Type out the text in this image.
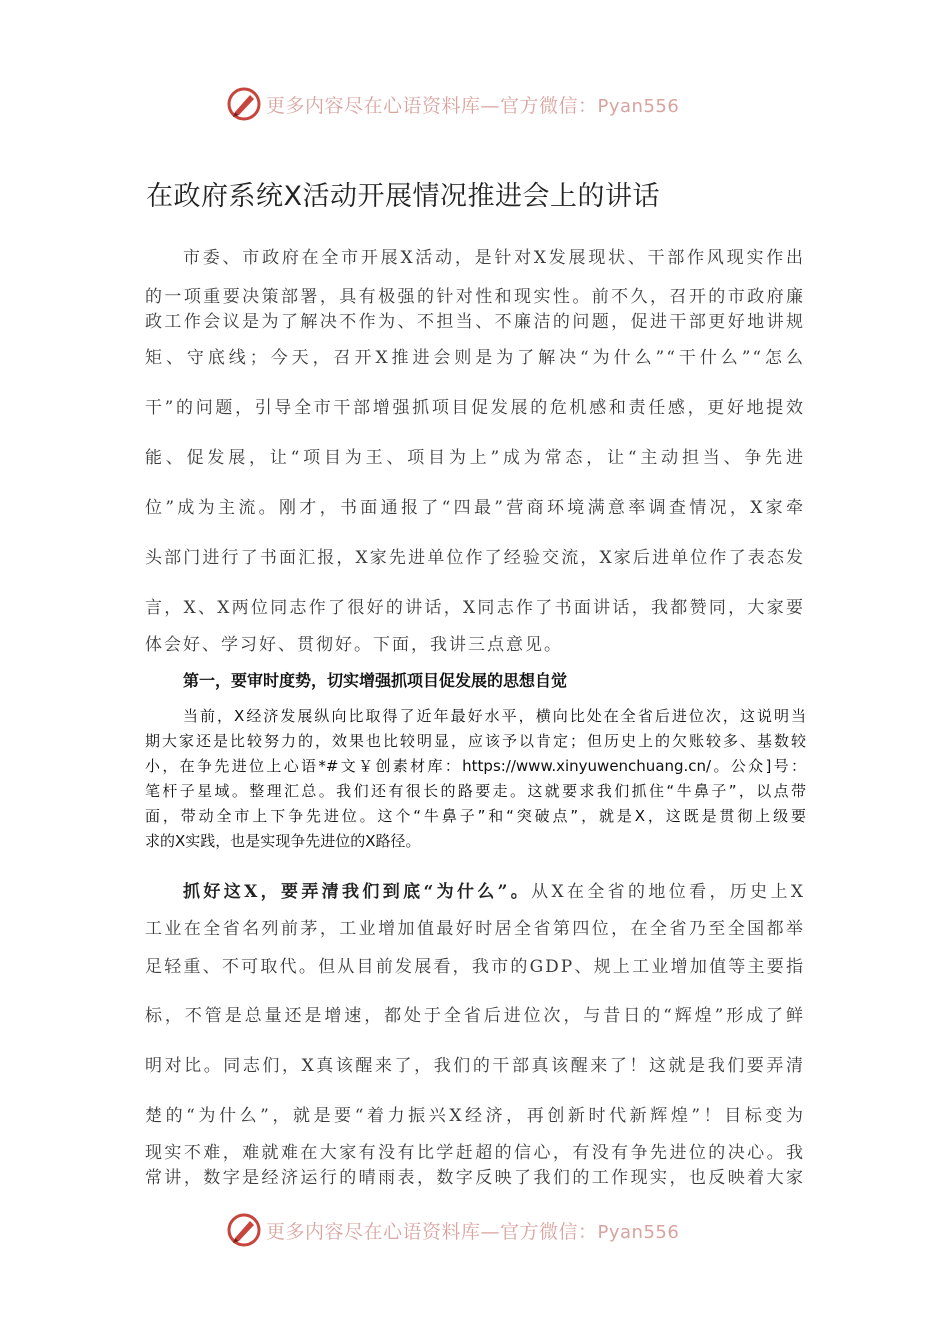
更多内容尽在心语资料库—官方微信：Pyan556
在政府系统X活动开展情况推进会上的讲话

市委、市政府在全市开展X活动，是针对X发展现状、干部作风现实作出

的一项重要决策部署，具有极强的针对性和现实性。前不久，召开的市政府廉

政工作会议是为了解决不作为、不担当、不廉洁的问题，促进干部更好地讲规

矩、守底线；今天，召开X推进会则是为了解决“为什么”“干什么”“怎么

干”的问题，引导全市干部增强抓项目促发展的危机感和责任感，更好地提效

能、促发展，让“项目为王、项目为上”成为常态，让“主动担当、争先进

位”成为主流。刚才，书面通报了“四最”营商环境满意率调查情况，X家牵

头部门进行了书面汇报，X家先进单位作了经验交流，X家后进单位作了表态发

言，X、X两位同志作了很好的讲话，X同志作了书面讲话，我都赞同，大家要

体会好、学习好、贯彻好。下面，我讲三点意见。

第一，要审时度势，切实增强抓项目促发展的思想自觉

当前，X经济发展纵向比取得了近年最好水平，横向比处在全省后进位次，这说明当

期大家还是比较努力的，效果也比较明显，应该予以肯定；但历史上的欠账较多、基数较

小，在争先进位上心语*#文￥创素材库：https://www.xinyuwenchuang.cn/。公众]号：

笔杆子星域。整理汇总。我们还有很长的路要走。这就要求我们抓住“牛鼻子”，以点带

面，带动全市上下争先进位。这个“牛鼻子”和“突破点”，就是X，这既是贯彻上级要

求的X实践，也是实现争先进位的X路径。

抓好这X，要弄清我们到底“为什么”。从X在全省的地位看，历史上X

工业在全省名列前茅，工业增加值最好时居全省第四位，在全省乃至全国都举

足轻重、不可取代。但从目前发展看，我市的GDP、规上工业增加值等主要指

标，不管是总量还是增速，都处于全省后进位次，与昔日的“辉煌”形成了鲜

明对比。同志们，X真该醒来了，我们的干部真该醒来了！这就是我们要弄清

楚的“为什么”，就是要“着力振兴X经济，再创新时代新辉煌”！目标变为

现实不难，难就难在大家有没有比学赶超的信心，有没有争先进位的决心。我

常讲，数字是经济运行的晴雨表，数字反映了我们的工作现实，也反映着大家

更多内容尽在心语资料库—官方微信：Pyan556
